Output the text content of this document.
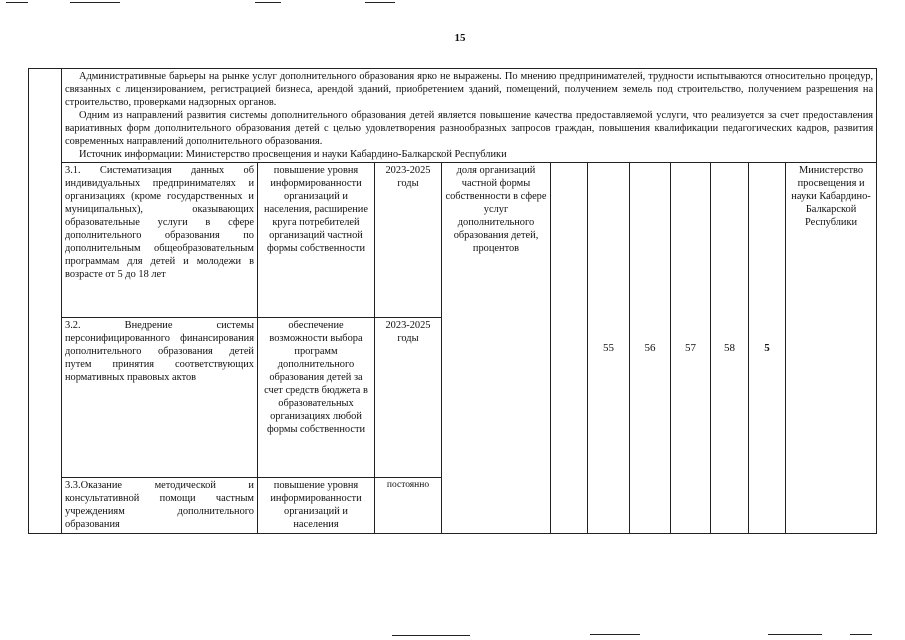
15

	Административные барьеры на рынке услуг дополнительного образования ярко не выражены. По мнению предпринимателей, трудности испытываются относительно процедур, связанных с лицензированием, регистрацией бизнеса, арендой зданий, приобретением зданий, помещений, получением земель под строительство, получением разрешения на строительство, проверками надзорных органов.

Одним из направлений развития системы дополнительного образования детей является повышение качества предоставляемой услуги, что реализуется за счет предоставления вариативных форм дополнительного образования детей с целью удовлетворения разнообразных запросов граждан, повышения квалификации педагогических кадров, развития современных направлений дополнительного образования.

Источник информации: Министерство просвещения и науки Кабардино-Балкарской Республики										

	3.1. Систематизация данных об индивидуальных предпринимателях и организациях (кроме государственных и муниципальных), оказывающих образовательные услуги в сфере дополнительного образования по дополнительным общеобразовательным программам для детей и молодежи в возрасте от 5 до 18 лет	повышение уровня информированности организаций и населения, расширение круга потребителей организаций частной формы собственности	2023-2025 годы	доля организаций частной формы собственности в сфере услуг дополнительного образования детей, процентов		55	56	57	58	5	Министерство просвещения и науки Кабардино-Балкарской Республики
	3.2. Внедрение системы персонифицированного финансирования дополнительного образования детей путем принятия соответствующих нормативных правовых актов	обеспечение возможности выбора программ дополнительного образования детей за счет средств бюджета в образовательных организациях любой формы собственности	2023-2025 годы								
	3.3.Оказание методической и консультативной помощи частным учреждениям дополнительного образования	повышение уровня информированности организаций и населения	постоянно								
